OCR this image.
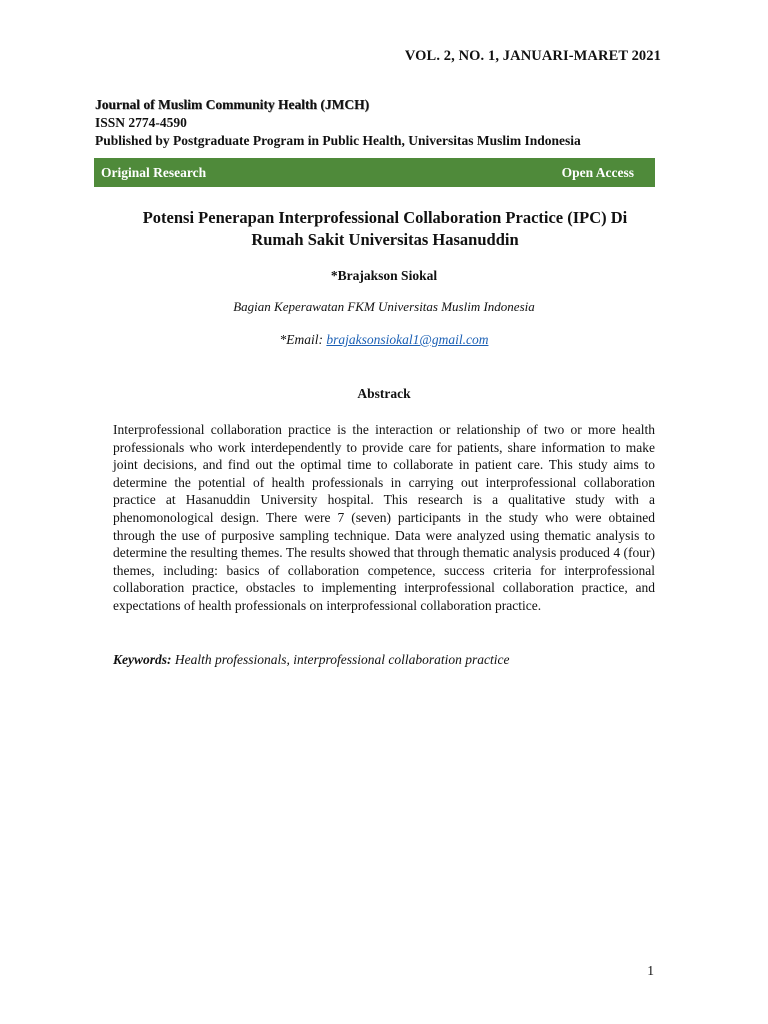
VOL. 2, NO. 1, JANUARI-MARET 2021
Journal of Muslim Community Health (JMCH)
ISSN 2774-4590
Published by Postgraduate Program in Public Health, Universitas Muslim Indonesia
Original Research	Open Access
Potensi Penerapan Interprofessional Collaboration Practice (IPC) Di
Rumah Sakit Universitas Hasanuddin
*Brajakson Siokal
Bagian Keperawatan FKM Universitas Muslim Indonesia
*Email: brajaksonsiokal1@gmail.com
Abstrack

Interprofessional collaboration practice is the interaction or relationship of two or more health professionals who work interdependently to provide care for patients, share information to make joint decisions, and find out the optimal time to collaborate in patient care. This study aims to determine the potential of health professionals in carrying out interprofessional collaboration practice at Hasanuddin University hospital. This research is a qualitative study with a phenomonological design. There were 7 (seven) participants in the study who were obtained through the use of purposive sampling technique. Data were analyzed using thematic analysis to determine the resulting themes. The results showed that through thematic analysis produced 4 (four) themes, including: basics of collaboration competence, success criteria for interprofessional collaboration practice, obstacles to implementing interprofessional collaboration practice, and expectations of health professionals on interprofessional collaboration practice.

Keywords: Health professionals, interprofessional collaboration practice
1
